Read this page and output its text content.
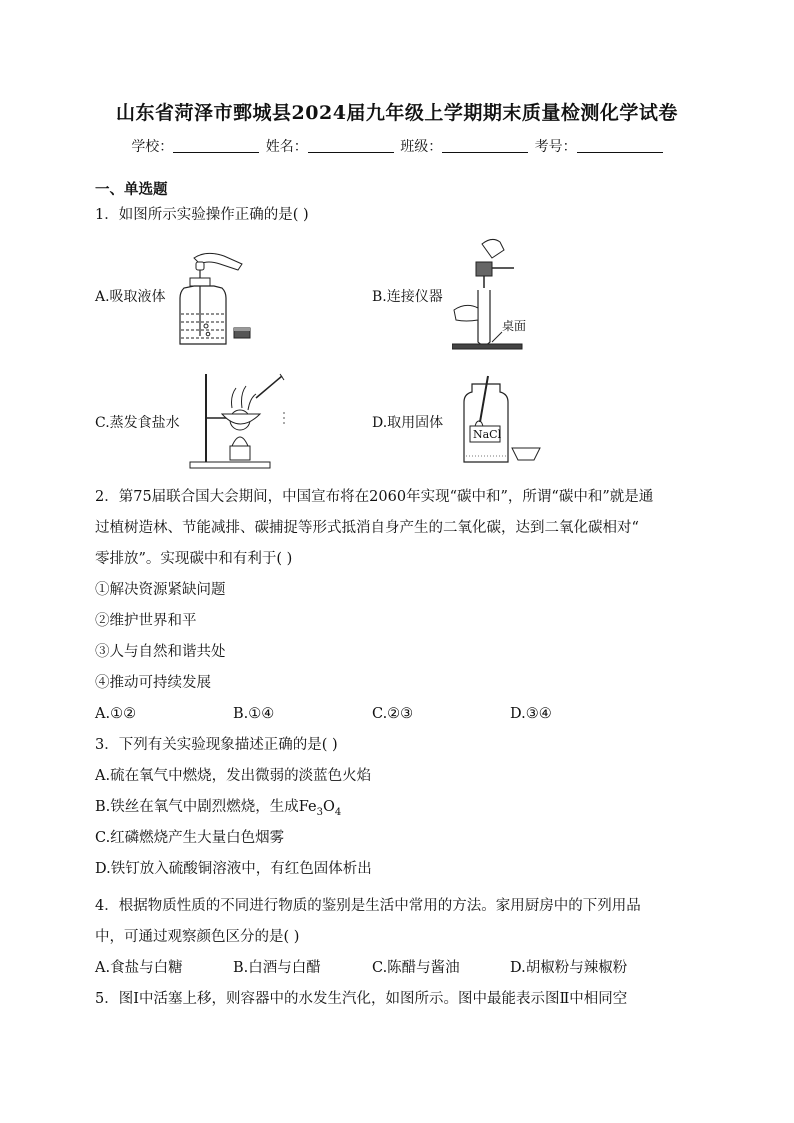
山东省菏泽市鄄城县2024届九年级上学期期末质量检测化学试卷
学校：	姓名：	班级：	考号：
一、单选题
1．如图所示实验操作正确的是( )
A.吸取液体	B.连接仪器
桌面
C.蒸发食盐水	D.取用固体
NaCl
2．第75届联合国大会期间，中国宣布将在2060年实现“碳中和”，所谓“碳中和”就是通
过植树造林、节能减排、碳捕捉等形式抵消自身产生的二氧化碳，达到二氧化碳相对“
零排放”。实现碳中和有利于( )
①解决资源紧缺问题
②维护世界和平
③人与自然和谐共处
④推动可持续发展
A.①②	B.①④	C.②③	D.③④
3．下列有关实验现象描述正确的是( )
A.硫在氧气中燃烧，发出微弱的淡蓝色火焰
B.铁丝在氧气中剧烈燃烧，生成$Fe_3O_4$
C.红磷燃烧产生大量白色烟雾
D.铁钉放入硫酸铜溶液中，有红色固体析出
4．根据物质性质的不同进行物质的鉴别是生活中常用的方法。家用厨房中的下列用品
中，可通过观察颜色区分的是( )
A.食盐与白糖	B.白酒与白醋	C.陈醋与酱油	D.胡椒粉与辣椒粉
5．图Ⅰ中活塞上移，则容器中的水发生汽化，如图所示。图中最能表示图Ⅱ中相同空
